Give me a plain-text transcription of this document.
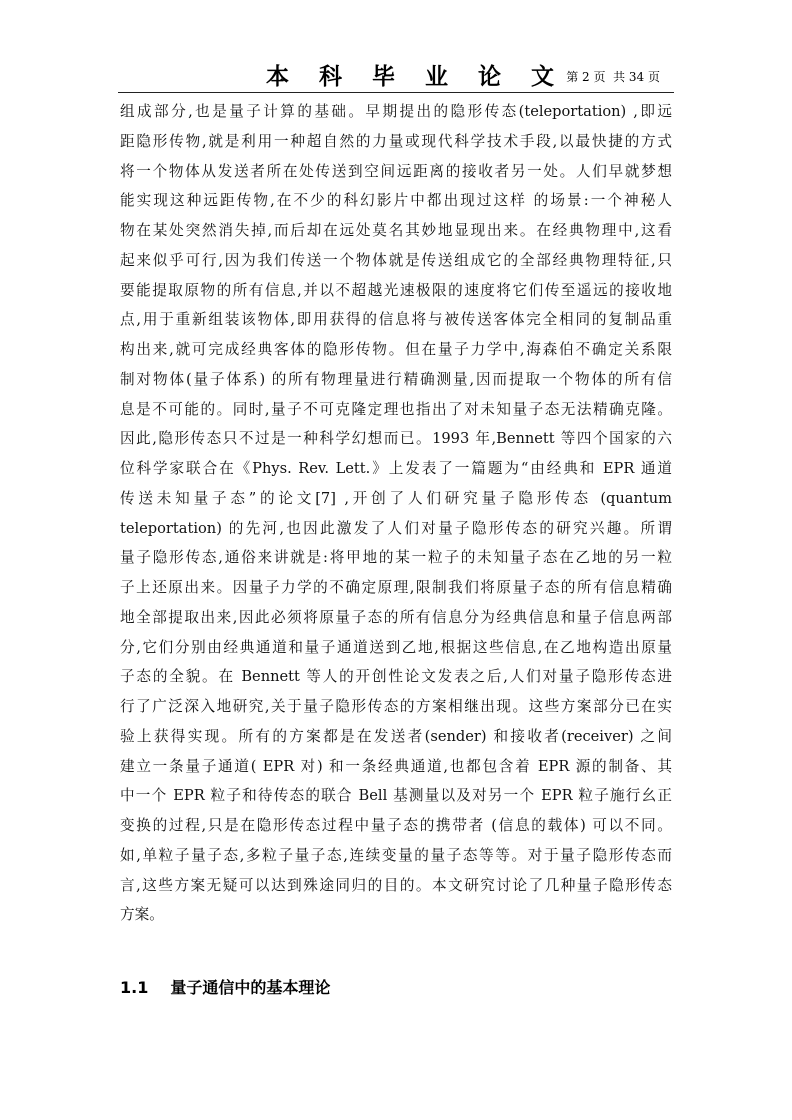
本 科 毕 业 论 文 第 2 页  共 34 页
组成部分,也是量子计算的基础。早期提出的隐形传态(teleportation) ,即远
距隐形传物,就是利用一种超自然的力量或现代科学技术手段,以最快捷的方式
将一个物体从发送者所在处传送到空间远距离的接收者另一处。人们早就梦想
能实现这种远距传物,在不少的科幻影片中都出现过这样 的场景:一个神秘人
物在某处突然消失掉,而后却在远处莫名其妙地显现出来。在经典物理中,这看
起来似乎可行,因为我们传送一个物体就是传送组成它的全部经典物理特征,只
要能提取原物的所有信息,并以不超越光速极限的速度将它们传至遥远的接收地
点,用于重新组装该物体,即用获得的信息将与被传送客体完全相同的复制品重
构出来,就可完成经典客体的隐形传物。但在量子力学中,海森伯不确定关系限
制对物体(量子体系) 的所有物理量进行精确测量,因而提取一个物体的所有信
息是不可能的。同时,量子不可克隆定理也指出了对未知量子态无法精确克隆。
因此,隐形传态只不过是一种科学幻想而已。1993 年,Bennett 等四个国家的六
位科学家联合在《Phys. Rev. Lett.》上发表了一篇题为“由经典和 EPR 通道
传送未知量子态”的论文[7] ,开创了人们研究量子隐形传态 (quantum
teleportation) 的先河,也因此激发了人们对量子隐形传态的研究兴趣。所谓
量子隐形传态,通俗来讲就是:将甲地的某一粒子的未知量子态在乙地的另一粒
子上还原出来。因量子力学的不确定原理,限制我们将原量子态的所有信息精确
地全部提取出来,因此必须将原量子态的所有信息分为经典信息和量子信息两部
分,它们分别由经典通道和量子通道送到乙地,根据这些信息,在乙地构造出原量
子态的全貌。在 Bennett 等人的开创性论文发表之后,人们对量子隐形传态进
行了广泛深入地研究,关于量子隐形传态的方案相继出现。这些方案部分已在实
验上获得实现。所有的方案都是在发送者(sender) 和接收者(receiver) 之间
建立一条量子通道( EPR 对) 和一条经典通道,也都包含着 EPR 源的制备、其
中一个 EPR 粒子和待传态的联合 Bell 基测量以及对另一个 EPR 粒子施行幺正
变换的过程,只是在隐形传态过程中量子态的携带者 (信息的载体) 可以不同。
如,单粒子量子态,多粒子量子态,连续变量的量子态等等。对于量子隐形传态而
言,这些方案无疑可以达到殊途同归的目的。本文研究讨论了几种量子隐形传态
方案。
1.1 量子通信中的基本理论
